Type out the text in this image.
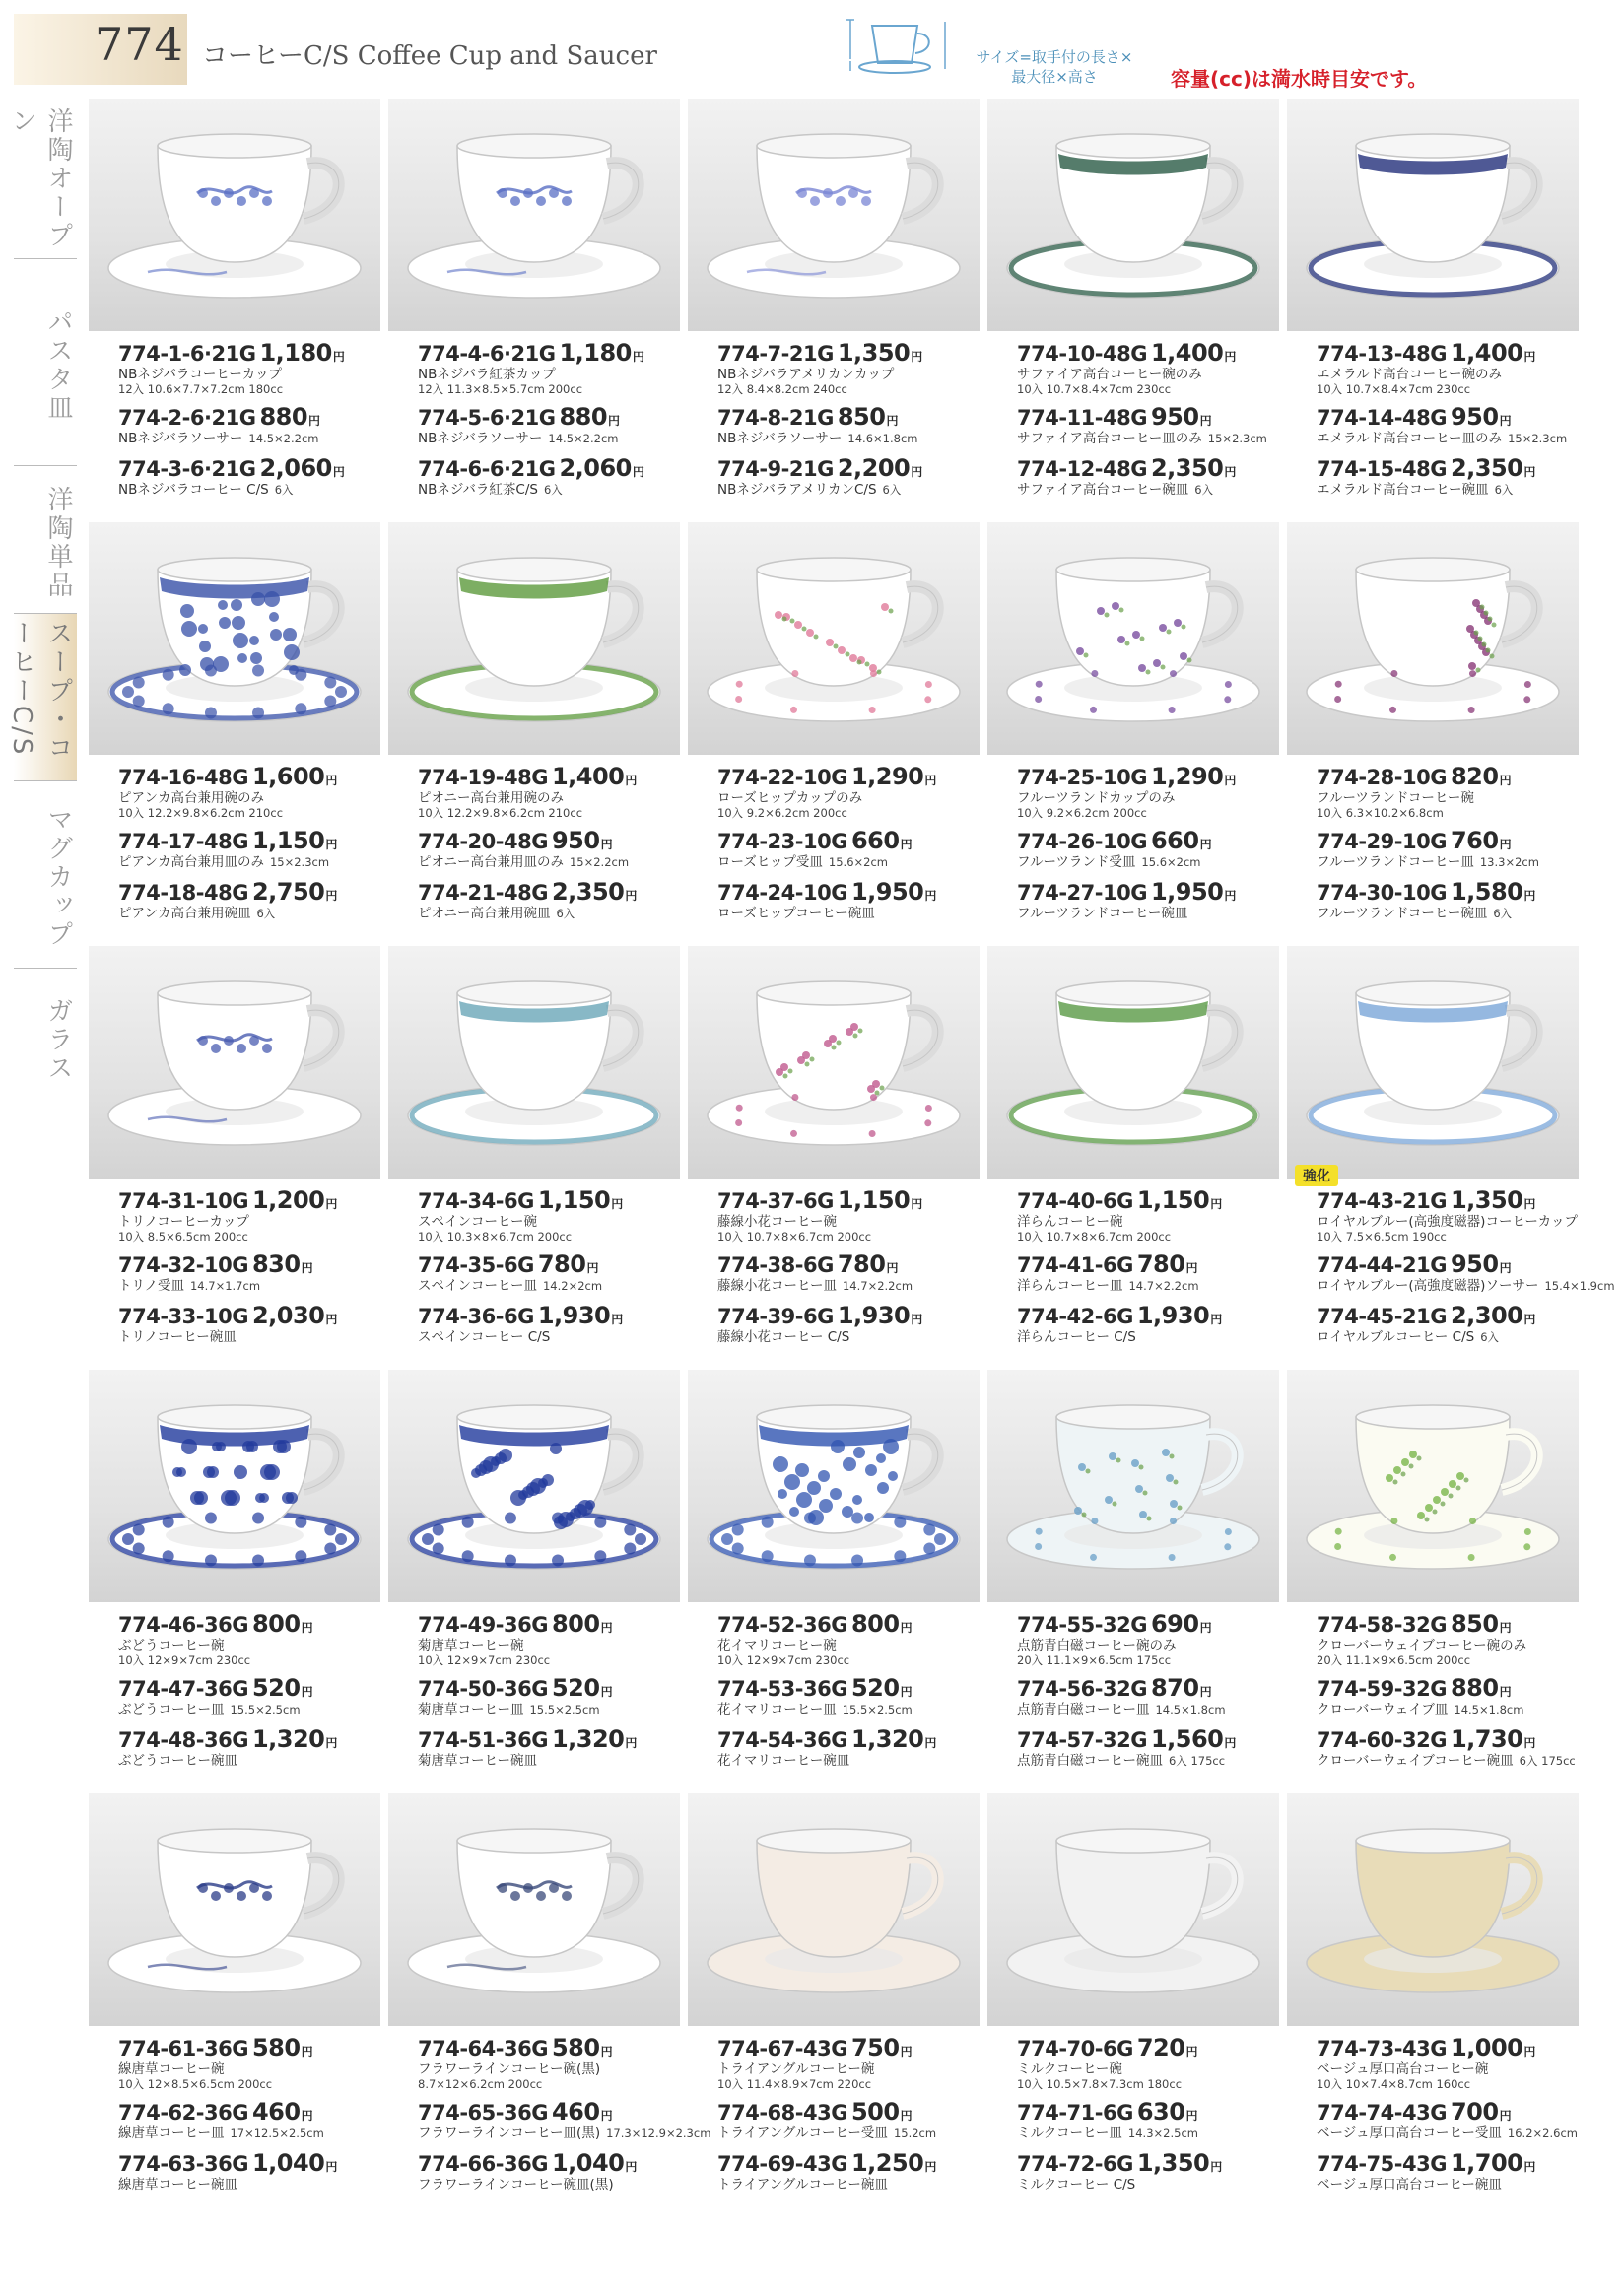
774 コーヒーC/S Coffee Cup and Saucer	サイズ=取手付の長さ×
最大径×高さ	容量(cc)は満水時目安です。
洋陶オープン
パスタ皿
洋陶単品
スープ・コーヒーC/S
マグカップ
ガラス
774-1-6·21G 1,180円
NBネジバラコーヒーカップ
12入 10.6×7.7×7.2cm 180cc
774-2-6·21G 880円
NBネジバラソーサー 14.5×2.2cm
774-3-6·21G 2,060円
NBネジバラコーヒー C/S 6入
774-4-6·21G 1,180円
NBネジバラ紅茶カップ
12入 11.3×8.5×5.7cm 200cc
774-5-6·21G 880円
NBネジバラソーサー 14.5×2.2cm
774-6-6·21G 2,060円
NBネジバラ紅茶C/S 6入
774-7-21G 1,350円
NBネジバラアメリカンカップ
12入 8.4×8.2cm 240cc
774-8-21G 850円
NBネジバラソーサー 14.6×1.8cm
774-9-21G 2,200円
NBネジバラアメリカンC/S 6入
774-10-48G 1,400円
サファイア高台コーヒー碗のみ
10入 10.7×8.4×7cm 230cc
774-11-48G 950円
サファイア高台コーヒー皿のみ 15×2.3cm
774-12-48G 2,350円
サファイア高台コーヒー碗皿 6入
774-13-48G 1,400円
エメラルド高台コーヒー碗のみ
10入 10.7×8.4×7cm 230cc
774-14-48G 950円
エメラルド高台コーヒー皿のみ 15×2.3cm
774-15-48G 2,350円
エメラルド高台コーヒー碗皿 6入
774-16-48G 1,600円
ピアンカ高台兼用碗のみ
10入 12.2×9.8×6.2cm 210cc
774-17-48G 1,150円
ピアンカ高台兼用皿のみ 15×2.3cm
774-18-48G 2,750円
ピアンカ高台兼用碗皿 6入
774-19-48G 1,400円
ピオニー高台兼用碗のみ
10入 12.2×9.8×6.2cm 210cc
774-20-48G 950円
ピオニー高台兼用皿のみ 15×2.2cm
774-21-48G 2,350円
ピオニー高台兼用碗皿 6入
774-22-10G 1,290円
ローズヒップカップのみ
10入 9.2×6.2cm 200cc
774-23-10G 660円
ローズヒップ受皿 15.6×2cm
774-24-10G 1,950円
ローズヒップコーヒー碗皿
774-25-10G 1,290円
フルーツランドカップのみ
10入 9.2×6.2cm 200cc
774-26-10G 660円
フルーツランド受皿 15.6×2cm
774-27-10G 1,950円
フルーツランドコーヒー碗皿
774-28-10G 820円
フルーツランドコーヒー碗
10入 6.3×10.2×6.8cm
774-29-10G 760円
フルーツランドコーヒー皿 13.3×2cm
774-30-10G 1,580円
フルーツランドコーヒー碗皿 6入
774-31-10G 1,200円
トリノコーヒーカップ
10入 8.5×6.5cm 200cc
774-32-10G 830円
トリノ受皿 14.7×1.7cm
774-33-10G 2,030円
トリノコーヒー碗皿
774-34-6G 1,150円
スペインコーヒー碗
10入 10.3×8×6.7cm 200cc
774-35-6G 780円
スペインコーヒー皿 14.2×2cm
774-36-6G 1,930円
スペインコーヒー C/S
774-37-6G 1,150円
藤線小花コーヒー碗
10入 10.7×8×6.7cm 200cc
774-38-6G 780円
藤線小花コーヒー皿 14.7×2.2cm
774-39-6G 1,930円
藤線小花コーヒー C/S
774-40-6G 1,150円
洋らんコーヒー碗
10入 10.7×8×6.7cm 200cc
774-41-6G 780円
洋らんコーヒー皿 14.7×2.2cm
774-42-6G 1,930円
洋らんコーヒー C/S
強化
774-43-21G 1,350円
ロイヤルブルー(高強度磁器)コーヒーカップ
10入 7.5×6.5cm 190cc
774-44-21G 950円
ロイヤルブルー(高強度磁器)ソーサー 15.4×1.9cm
774-45-21G 2,300円
ロイヤルブルコーヒー C/S 6入
774-46-36G 800円
ぶどうコーヒー碗
10入 12×9×7cm 230cc
774-47-36G 520円
ぶどうコーヒー皿 15.5×2.5cm
774-48-36G 1,320円
ぶどうコーヒー碗皿
774-49-36G 800円
菊唐草コーヒー碗
10入 12×9×7cm 230cc
774-50-36G 520円
菊唐草コーヒー皿 15.5×2.5cm
774-51-36G 1,320円
菊唐草コーヒー碗皿
774-52-36G 800円
花イマリコーヒー碗
10入 12×9×7cm 230cc
774-53-36G 520円
花イマリコーヒー皿 15.5×2.5cm
774-54-36G 1,320円
花イマリコーヒー碗皿
774-55-32G 690円
点筋青白磁コーヒー碗のみ
20入 11.1×9×6.5cm 175cc
774-56-32G 870円
点筋青白磁コーヒー皿 14.5×1.8cm
774-57-32G 1,560円
点筋青白磁コーヒー碗皿 6入 175cc
774-58-32G 850円
クローバーウェイブコーヒー碗のみ
20入 11.1×9×6.5cm 200cc
774-59-32G 880円
クローバーウェイブ皿 14.5×1.8cm
774-60-32G 1,730円
クローバーウェイブコーヒー碗皿 6入 175cc
774-61-36G 580円
線唐草コーヒー碗
10入 12×8.5×6.5cm 200cc
774-62-36G 460円
線唐草コーヒー皿 17×12.5×2.5cm
774-63-36G 1,040円
線唐草コーヒー碗皿
774-64-36G 580円
フラワーラインコーヒー碗(黒)
8.7×12×6.2cm 200cc
774-65-36G 460円
フラワーラインコーヒー皿(黒) 17.3×12.9×2.3cm
774-66-36G 1,040円
フラワーラインコーヒー碗皿(黒)
774-67-43G 750円
トライアングルコーヒー碗
10入 11.4×8.9×7cm 220cc
774-68-43G 500円
トライアングルコーヒー受皿 15.2cm
774-69-43G 1,250円
トライアングルコーヒー碗皿
774-70-6G 720円
ミルクコーヒー碗
10入 10.5×7.8×7.3cm 180cc
774-71-6G 630円
ミルクコーヒー皿 14.3×2.5cm
774-72-6G 1,350円
ミルクコーヒー C/S
774-73-43G 1,000円
ベージュ厚口高台コーヒー碗
10入 10×7.4×8.7cm 160cc
774-74-43G 700円
ベージュ厚口高台コーヒー受皿 16.2×2.6cm
774-75-43G 1,700円
ベージュ厚口高台コーヒー碗皿
